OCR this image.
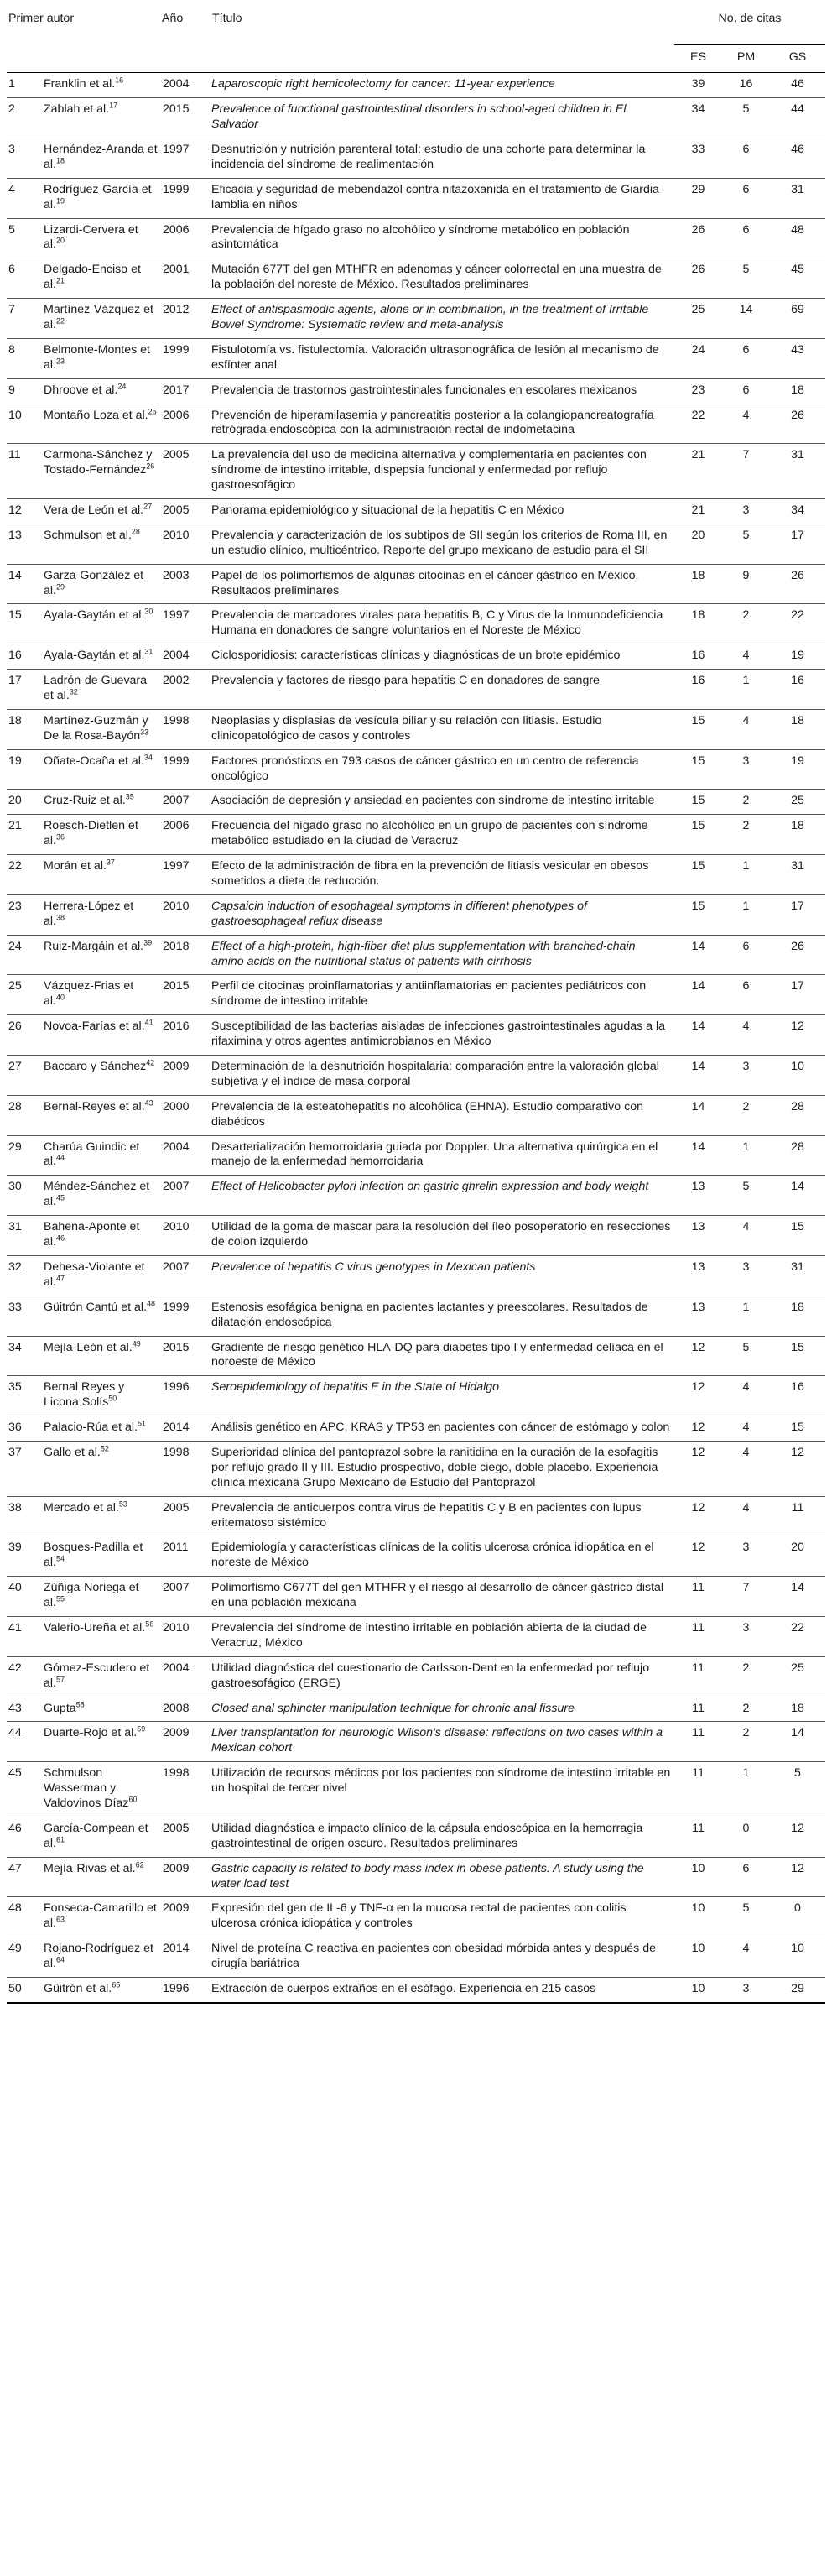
Primer autor		Año	Título	No. de citas		
				ES	PM	GS
1	Franklin et al.$^{16}$	2004	Laparoscopic right hemicolectomy for cancer: 11-year experience	39	16	46
2	Zablah et al.$^{17}$	2015	Prevalence of functional gastrointestinal disorders in school-aged children in El Salvador	34	5	44
3	Hernández-Aranda et al.$^{18}$	1997	Desnutrición y nutrición parenteral total: estudio de una cohorte para determinar la incidencia del síndrome de realimentación	33	6	46
4	Rodríguez-García et al.$^{19}$	1999	Eficacia y seguridad de mebendazol contra nitazoxanida en el tratamiento de Giardia lamblia en niños	29	6	31
5	Lizardi-Cervera et al.$^{20}$	2006	Prevalencia de hígado graso no alcohólico y síndrome metabólico en población asintomática	26	6	48
6	Delgado-Enciso et al.$^{21}$	2001	Mutación 677T del gen MTHFR en adenomas y cáncer colorrectal en una muestra de la población del noreste de México. Resultados preliminares	26	5	45
7	Martínez-Vázquez et al.$^{22}$	2012	Effect of antispasmodic agents, alone or in combination, in the treatment of Irritable Bowel Syndrome: Systematic review and meta-analysis	25	14	69
8	Belmonte-Montes et al.$^{23}$	1999	Fistulotomía vs. fistulectomía. Valoración ultrasonográfica de lesión al mecanismo de esfínter anal	24	6	43
9	Dhroove et al.$^{24}$	2017	Prevalencia de trastornos gastrointestinales funcionales en escolares mexicanos	23	6	18
10	Montaño Loza et al.$^{25}$	2006	Prevención de hiperamilasemia y pancreatitis posterior a la colangiopancreatografía retrógrada endoscópica con la administración rectal de indometacina	22	4	26
11	Carmona-Sánchez y Tostado-Fernández$^{26}$	2005	La prevalencia del uso de medicina alternativa y complementaria en pacientes con síndrome de intestino irritable, dispepsia funcional y enfermedad por reflujo gastroesofágico	21	7	31
12	Vera de León et al.$^{27}$	2005	Panorama epidemiológico y situacional de la hepatitis C en México	21	3	34
13	Schmulson et al.$^{28}$	2010	Prevalencia y caracterización de los subtipos de SII según los criterios de Roma III, en un estudio clínico, multicéntrico. Reporte del grupo mexicano de estudio para el SII	20	5	17
14	Garza-González et al.$^{29}$	2003	Papel de los polimorfismos de algunas citocinas en el cáncer gástrico en México. Resultados preliminares	18	9	26
15	Ayala-Gaytán et al.$^{30}$	1997	Prevalencia de marcadores virales para hepatitis B, C y Virus de la Inmunodeficiencia Humana en donadores de sangre voluntarios en el Noreste de México	18	2	22
16	Ayala-Gaytán et al.$^{31}$	2004	Ciclosporidiosis: características clínicas y diagnósticas de un brote epidémico	16	4	19
17	Ladrón-de Guevara et al.$^{32}$	2002	Prevalencia y factores de riesgo para hepatitis C en donadores de sangre	16	1	16
18	Martínez-Guzmán y De la Rosa-Bayón$^{33}$	1998	Neoplasias y displasias de vesícula biliar y su relación con litiasis. Estudio clinicopatológico de casos y controles	15	4	18
19	Oñate-Ocaña et al.$^{34}$	1999	Factores pronósticos en 793 casos de cáncer gástrico en un centro de referencia oncológico	15	3	19
20	Cruz-Ruiz et al.$^{35}$	2007	Asociación de depresión y ansiedad en pacientes con síndrome de intestino irritable	15	2	25
21	Roesch-Dietlen et al.$^{36}$	2006	Frecuencia del hígado graso no alcohólico en un grupo de pacientes con síndrome metabólico estudiado en la ciudad de Veracruz	15	2	18
22	Morán et al.$^{37}$	1997	Efecto de la administración de fibra en la prevención de litiasis vesicular en obesos sometidos a dieta de reducción.	15	1	31
23	Herrera-López et al.$^{38}$	2010	Capsaicin induction of esophageal symptoms in different phenotypes of gastroesophageal reflux disease	15	1	17
24	Ruiz-Margáin et al.$^{39}$	2018	Effect of a high-protein, high-fiber diet plus supplementation with branched-chain amino acids on the nutritional status of patients with cirrhosis	14	6	26
25	Vázquez-Frias et al.$^{40}$	2015	Perfil de citocinas proinflamatorias y antiinflamatorias en pacientes pediátricos con síndrome de intestino irritable	14	6	17
26	Novoa-Farías et al.$^{41}$	2016	Susceptibilidad de las bacterias aisladas de infecciones gastrointestinales agudas a la rifaximina y otros agentes antimicrobianos en México	14	4	12
27	Baccaro y Sánchez$^{42}$	2009	Determinación de la desnutrición hospitalaria: comparación entre la valoración global subjetiva y el índice de masa corporal	14	3	10
28	Bernal-Reyes et al.$^{43}$	2000	Prevalencia de la esteatohepatitis no alcohólica (EHNA). Estudio comparativo con diabéticos	14	2	28
29	Charúa Guindic et al.$^{44}$	2004	Desarterialización hemorroidaria guiada por Doppler. Una alternativa quirúrgica en el manejo de la enfermedad hemorroidaria	14	1	28
30	Méndez-Sánchez et al.$^{45}$	2007	Effect of Helicobacter pylori infection on gastric ghrelin expression and body weight	13	5	14
31	Bahena-Aponte et al.$^{46}$	2010	Utilidad de la goma de mascar para la resolución del íleo posoperatorio en resecciones de colon izquierdo	13	4	15
32	Dehesa-Violante et al.$^{47}$	2007	Prevalence of hepatitis C virus genotypes in Mexican patients	13	3	31
33	Güitrón Cantú et al.$^{48}$	1999	Estenosis esofágica benigna en pacientes lactantes y preescolares. Resultados de dilatación endoscópica	13	1	18
34	Mejía-León et al.$^{49}$	2015	Gradiente de riesgo genético HLA-DQ para diabetes tipo I y enfermedad celíaca en el noroeste de México	12	5	15
35	Bernal Reyes y Licona Solís$^{50}$	1996	Seroepidemiology of hepatitis E in the State of Hidalgo	12	4	16
36	Palacio-Rúa et al.$^{51}$	2014	Análisis genético en APC, KRAS y TP53 en pacientes con cáncer de estómago y colon	12	4	15
37	Gallo et al.$^{52}$	1998	Superioridad clínica del pantoprazol sobre la ranitidina en la curación de la esofagitis por reflujo grado II y III. Estudio prospectivo, doble ciego, doble placebo. Experiencia clínica mexicana Grupo Mexicano de Estudio del Pantoprazol	12	4	12
38	Mercado et al.$^{53}$	2005	Prevalencia de anticuerpos contra virus de hepatitis C y B en pacientes con lupus eritematoso sistémico	12	4	11
39	Bosques-Padilla et al.$^{54}$	2011	Epidemiología y características clínicas de la colitis ulcerosa crónica idiopática en el noreste de México	12	3	20
40	Zúñiga-Noriega et al.$^{55}$	2007	Polimorfismo C677T del gen MTHFR y el riesgo al desarrollo de cáncer gástrico distal en una población mexicana	11	7	14
41	Valerio-Ureña et al.$^{56}$	2010	Prevalencia del síndrome de intestino irritable en población abierta de la ciudad de Veracruz, México	11	3	22
42	Gómez-Escudero et al.$^{57}$	2004	Utilidad diagnóstica del cuestionario de Carlsson-Dent en la enfermedad por reflujo gastroesofágico (ERGE)	11	2	25
43	Gupta$^{58}$	2008	Closed anal sphincter manipulation technique for chronic anal fissure	11	2	18
44	Duarte-Rojo et al.$^{59}$	2009	Liver transplantation for neurologic Wilson's disease: reflections on two cases within a Mexican cohort	11	2	14
45	Schmulson Wasserman y Valdovinos Díaz$^{60}$	1998	Utilización de recursos médicos por los pacientes con síndrome de intestino irritable en un hospital de tercer nivel	11	1	5
46	García-Compean et al.$^{61}$	2005	Utilidad diagnóstica e impacto clínico de la cápsula endoscópica en la hemorragia gastrointestinal de origen oscuro. Resultados preliminares	11	0	12
47	Mejía-Rivas et al.$^{62}$	2009	Gastric capacity is related to body mass index in obese patients. A study using the water load test	10	6	12
48	Fonseca-Camarillo et al.$^{63}$	2009	Expresión del gen de IL-6 y TNF-α en la mucosa rectal de pacientes con colitis ulcerosa crónica idiopática y controles	10	5	0
49	Rojano-Rodríguez et al.$^{64}$	2014	Nivel de proteína C reactiva en pacientes con obesidad mórbida antes y después de cirugía bariátrica	10	4	10
50	Güitrón et al.$^{65}$	1996	Extracción de cuerpos extraños en el esófago. Experiencia en 215 casos	10	3	29
